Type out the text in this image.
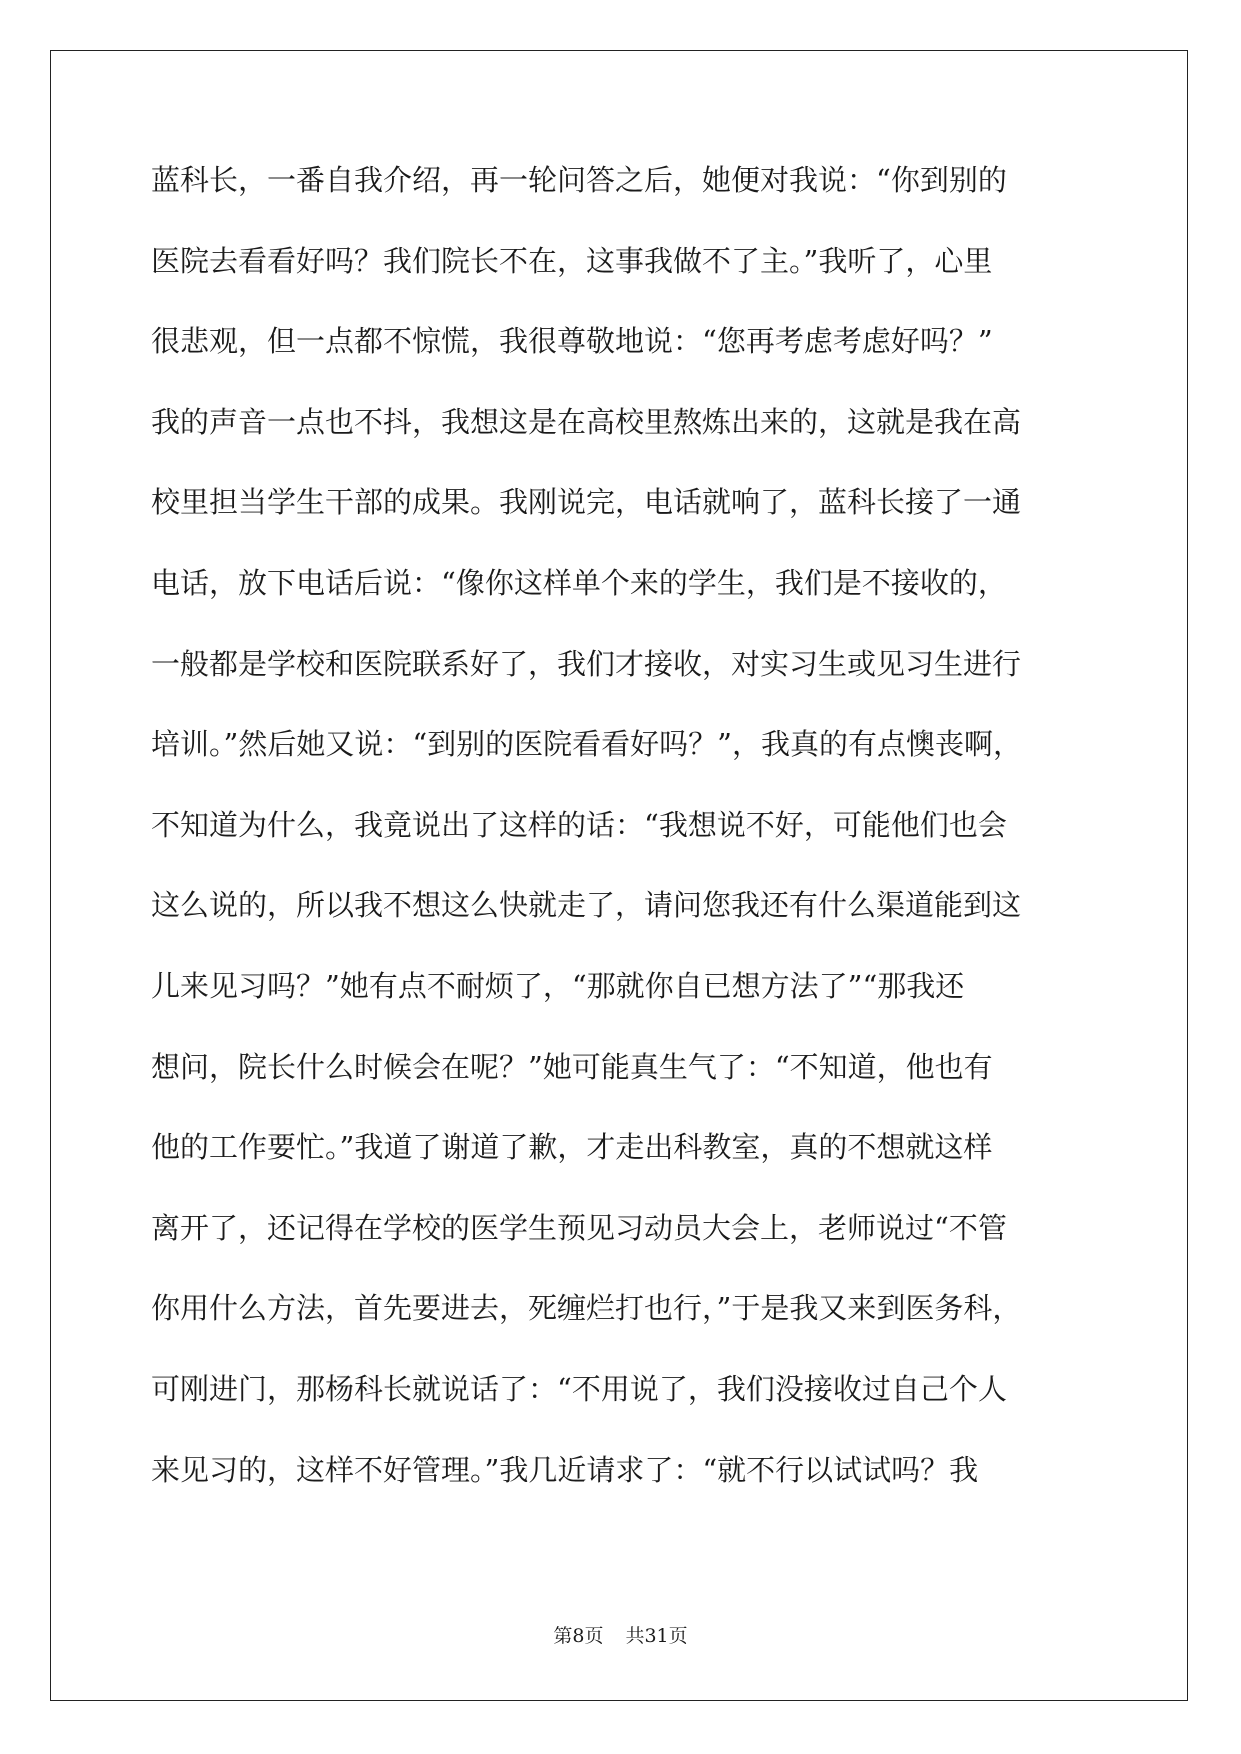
蓝科长，一番自我介绍，再一轮问答之后，她便对我说：“你到别的
医院去看看好吗？我们院长不在，这事我做不了主。”我听了，心里
很悲观，但一点都不惊慌，我很尊敬地说：“您再考虑考虑好吗？”
我的声音一点也不抖，我想这是在高校里熬炼出来的，这就是我在高
校里担当学生干部的成果。我刚说完，电话就响了，蓝科长接了一通
电话，放下电话后说：“像你这样单个来的学生，我们是不接收的，
一般都是学校和医院联系好了，我们才接收，对实习生或见习生进行
培训。”然后她又说：“到别的医院看看好吗？”，我真的有点懊丧啊，
不知道为什么，我竟说出了这样的话：“我想说不好，可能他们也会
这么说的，所以我不想这么快就走了，请问您我还有什么渠道能到这
儿来见习吗？”她有点不耐烦了，“那就你自已想方法了”“那我还
想问，院长什么时候会在呢？”她可能真生气了：“不知道，他也有
他的工作要忙。”我道了谢道了歉，才走出科教室，真的不想就这样
离开了，还记得在学校的医学生预见习动员大会上，老师说过“不管
你用什么方法，首先要进去，死缠烂打也行，”于是我又来到医务科，
可刚进门，那杨科长就说话了：“不用说了，我们没接收过自己个人
来见习的，这样不好管理。”我几近请求了：“就不行以试试吗？我
第8页 共31页
